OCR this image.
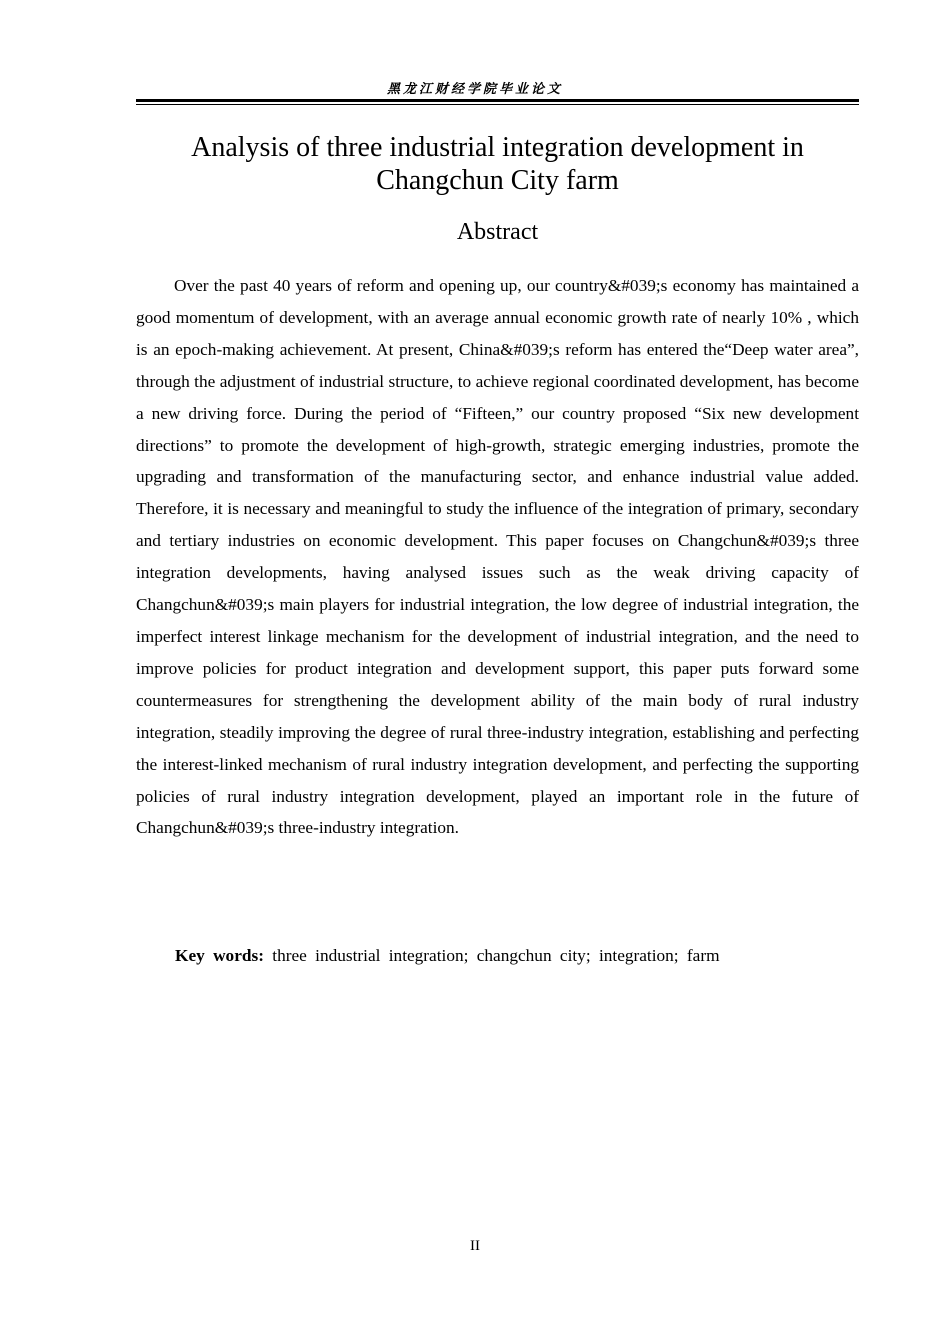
黑龙江财经学院毕业论文
Analysis of three industrial integration development in Changchun City farm
Abstract

Over the past 40 years of reform and opening up, our country&#039;s economy has maintained a good momentum of development, with an average annual economic growth rate of nearly 10% , which is an epoch-making achievement. At present, China&#039;s reform has entered the“Deep water area”, through the adjustment of industrial structure, to achieve regional coordinated development, has become a new driving force. During the period of “Fifteen,” our country proposed “Six new development directions” to promote the development of high-growth, strategic emerging industries, promote the upgrading and transformation of the manufacturing sector, and enhance industrial value added. Therefore, it is necessary and meaningful to study the influence of the integration of primary, secondary and tertiary industries on economic development. This paper focuses on Changchun&#039;s three integration developments, having analysed issues such as the weak driving capacity of Changchun&#039;s main players for industrial integration, the low degree of industrial integration, the imperfect interest linkage mechanism for the development of industrial integration, and the need to improve policies for product integration and development support, this paper puts forward some countermeasures for strengthening the development ability of the main body of rural industry integration, steadily improving the degree of rural three-industry integration, establishing and perfecting the interest-linked mechanism of rural industry integration development, and perfecting the supporting policies of rural industry integration development, played an important role in the future of Changchun&#039;s three-industry integration.

Key words: three industrial integration; changchun city; integration; farm
II
